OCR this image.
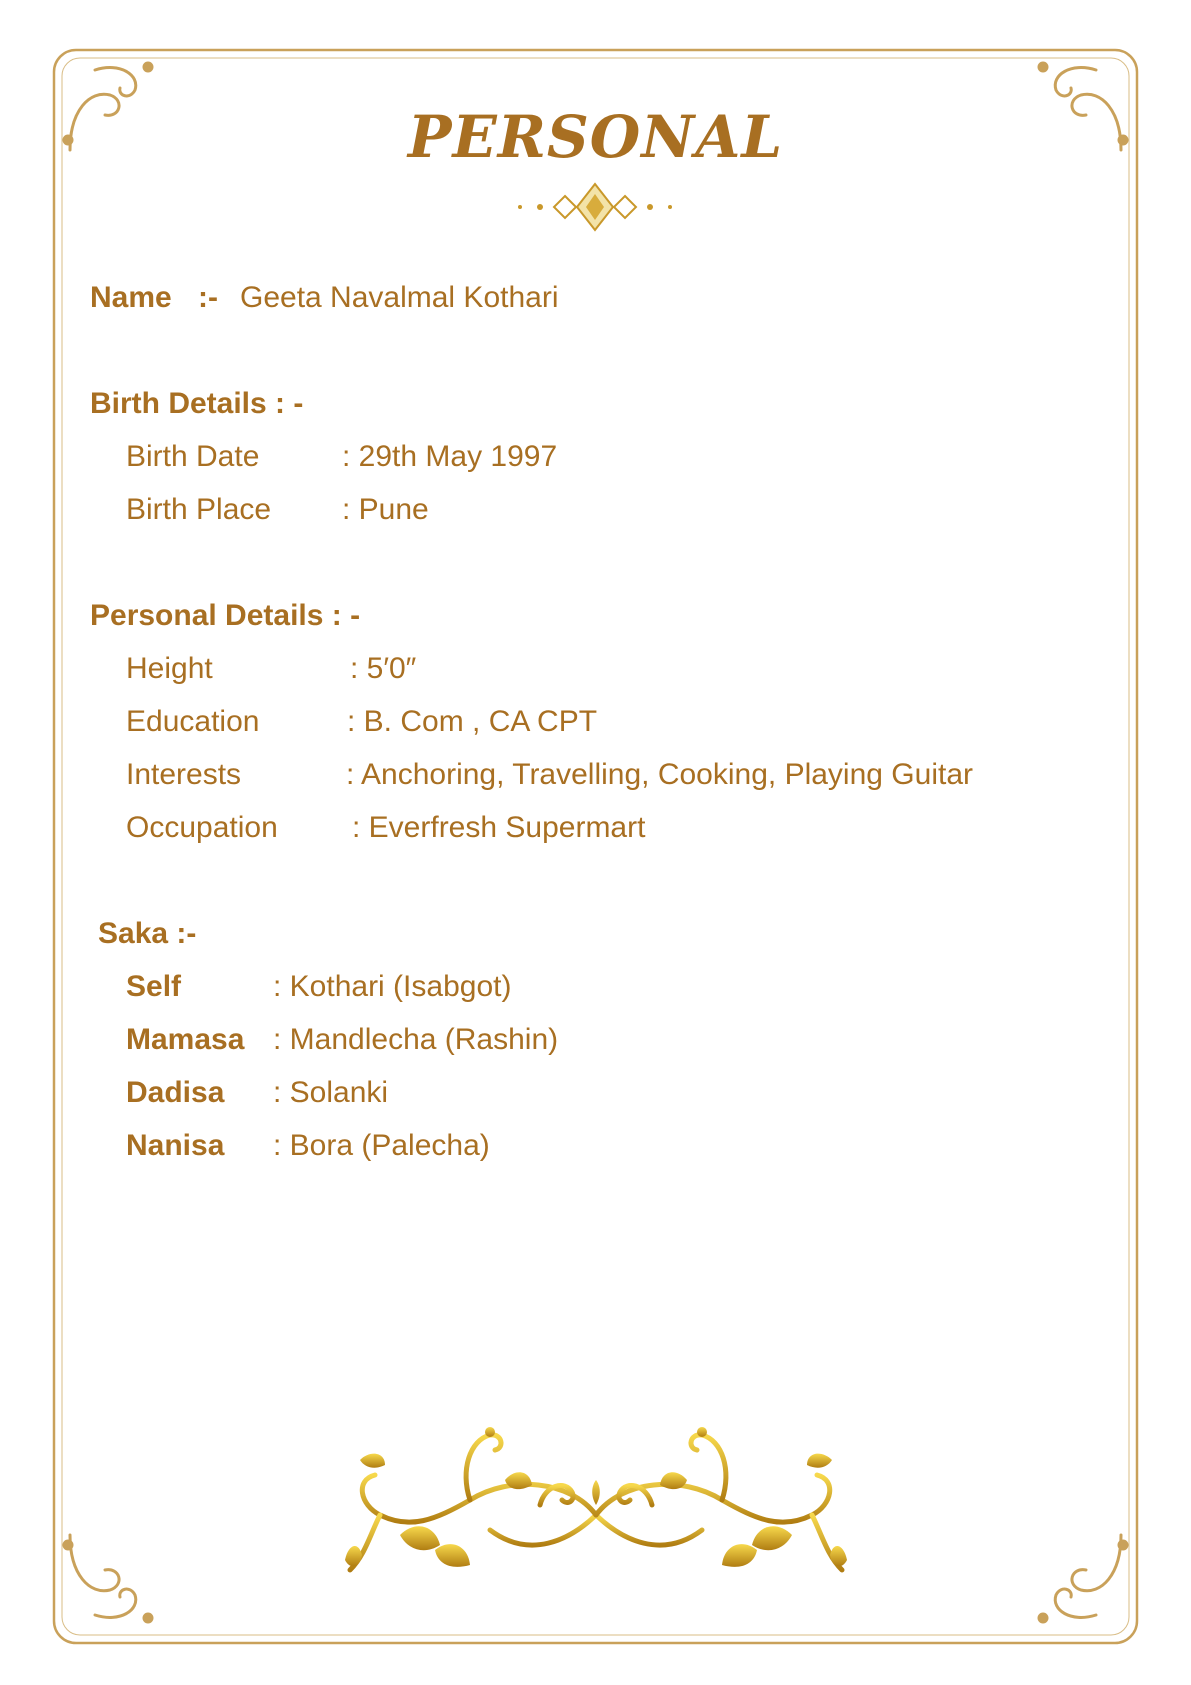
PERSONAL
Name :- Geeta Navalmal Kothari
Birth Details : -
Birth Date	: 29th May 1997
Birth Place : Pune
Personal Details : -
Height	: 5′0″
Education	: B. Com , CA CPT
Interests	: Anchoring, Travelling, Cooking, Playing Guitar
Occupation : Everfresh Supermart
Saka :-
Self	: Kothari (Isabgot)
Mamasa : Mandlecha (Rashin)
Dadisa : Solanki
Nanisa : Bora (Palecha)
